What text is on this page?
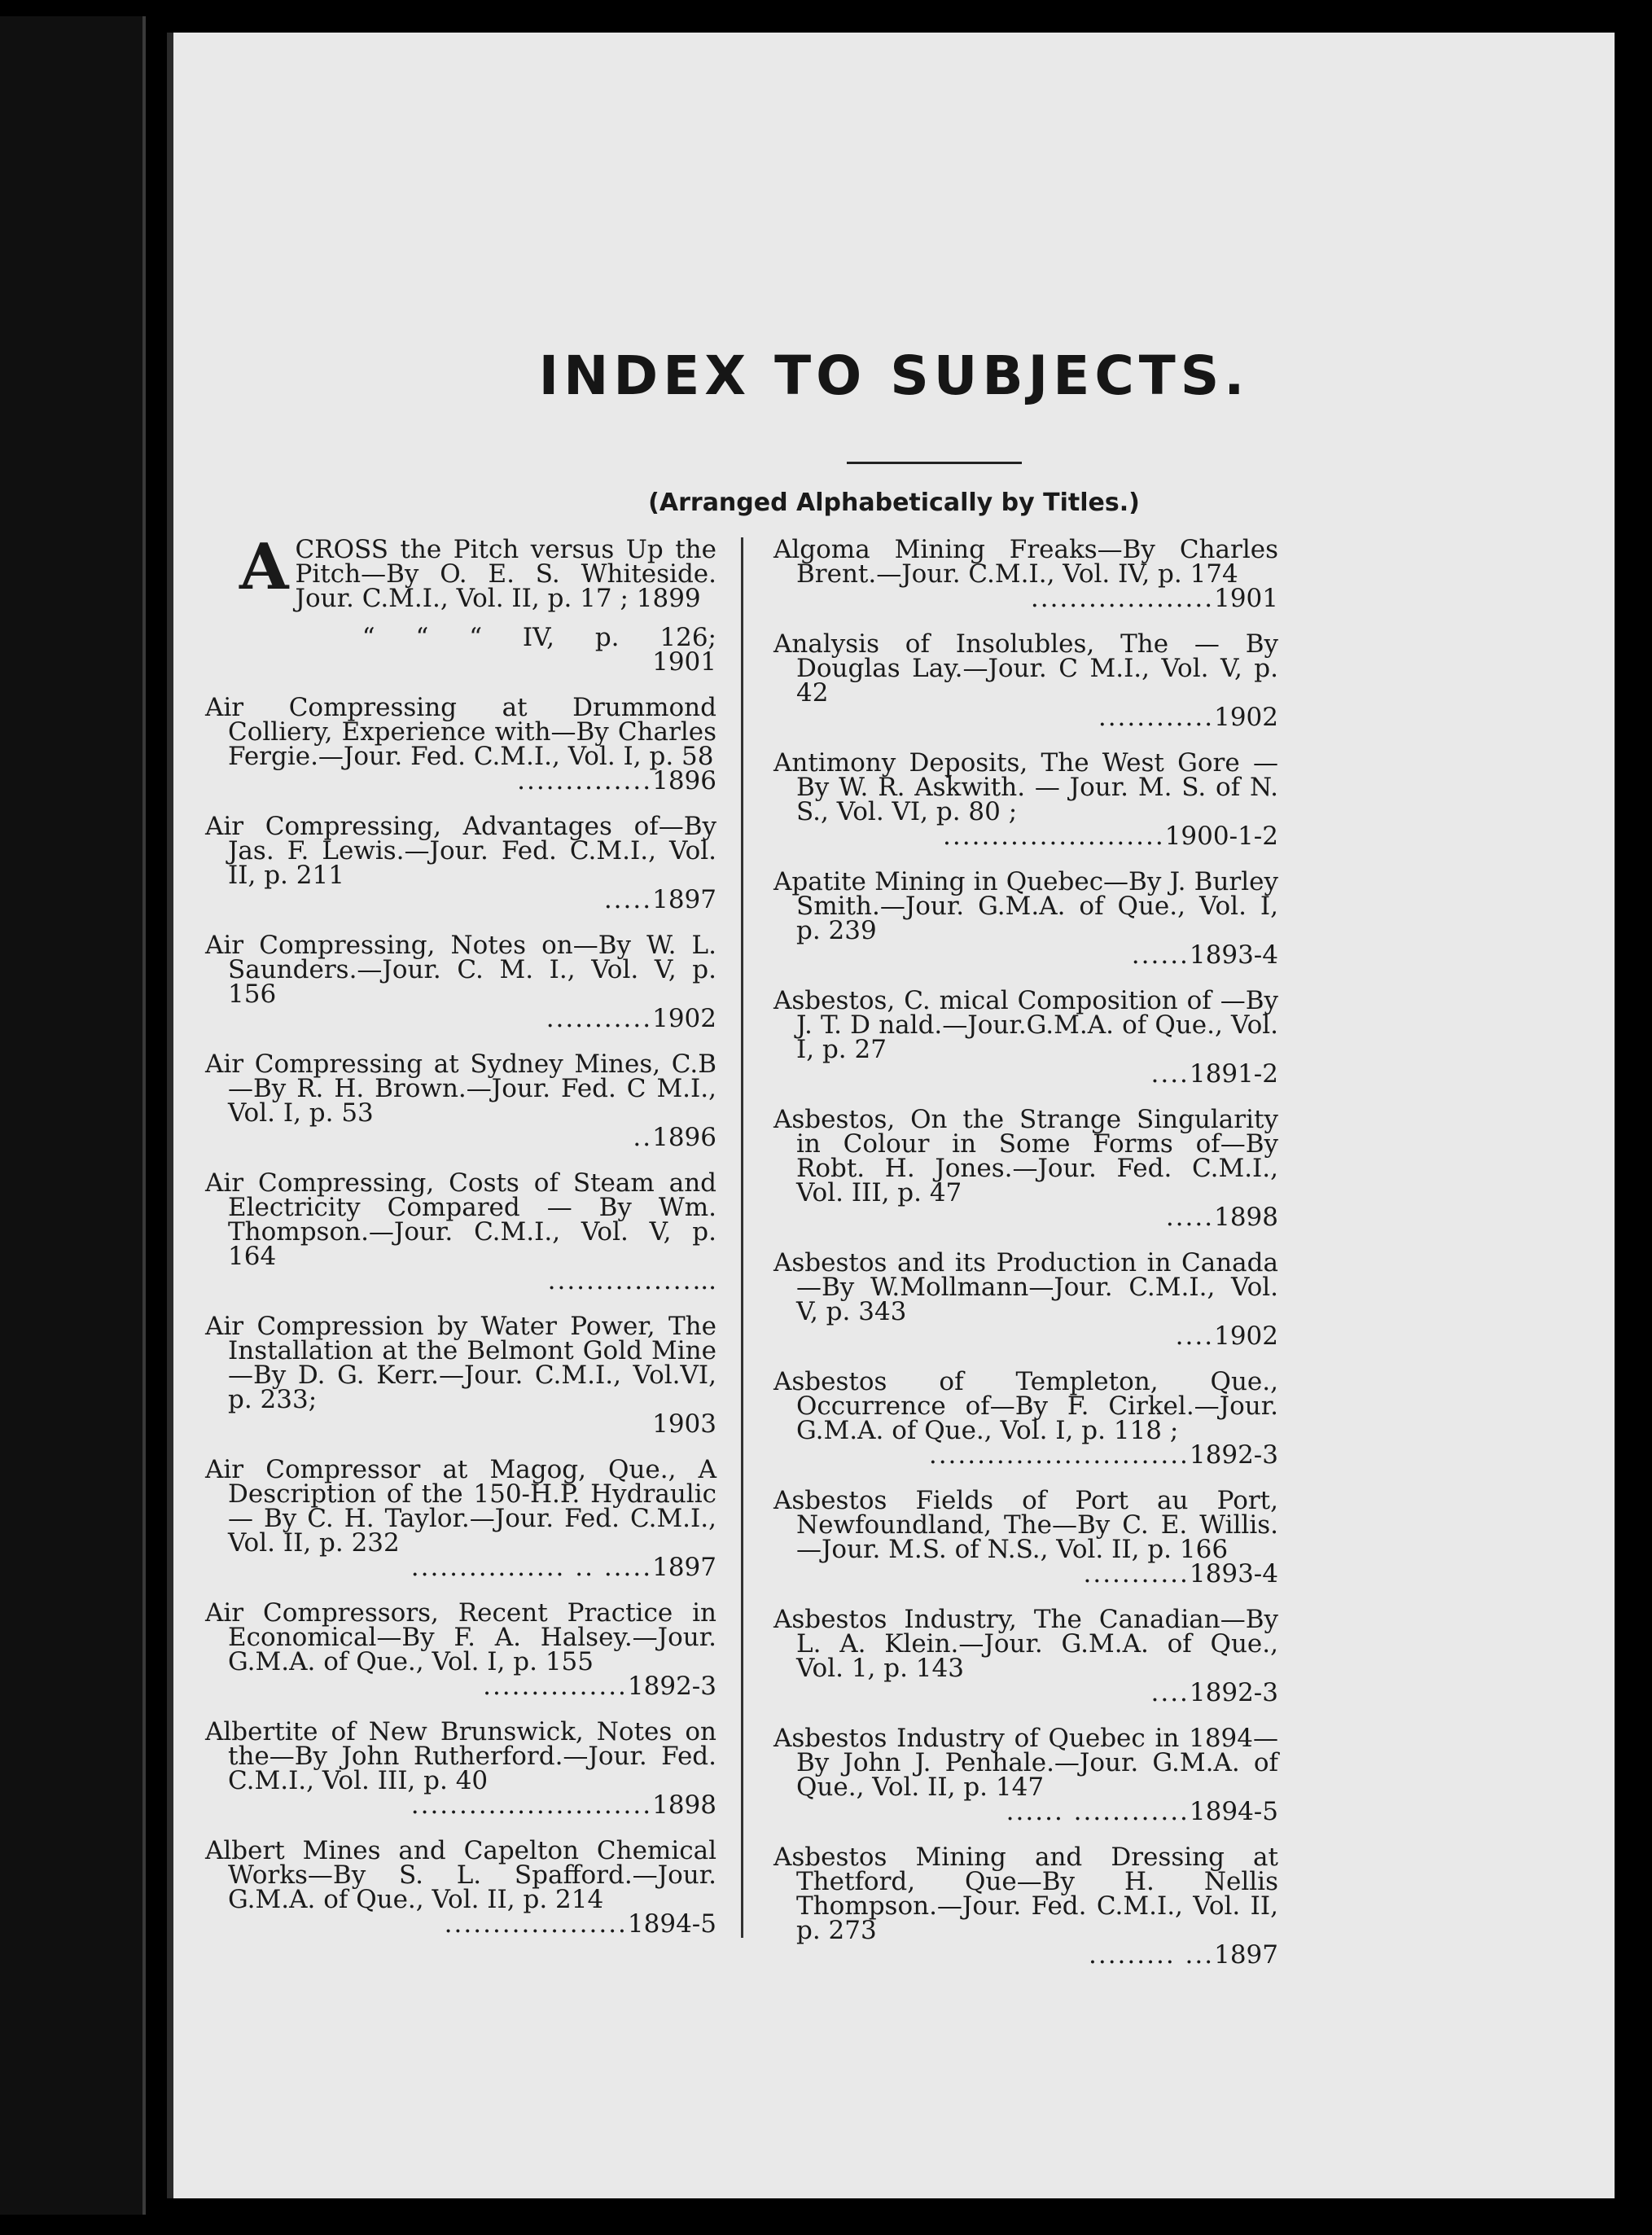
INDEX TO SUBJECTS.
(Arranged Alphabetically by Titles.)
A CROSS the Pitch versus Up the Pitch—By O. E. S. Whiteside. Jour. C.M.I., Vol. II, p. 17 ; 1899
“ “ “ IV, p. 126; 1901
Air Compressing at Drummond Colliery, Experience with—By Charles Fergie.—Jour. Fed. C.M.I., Vol. I, p. 58
..............1896
Air Compressing, Advantages of—By Jas. F. Lewis.—Jour. Fed. C.M.I., Vol. II, p. 211
.....1897
Air Compressing, Notes on—By W. L. Saunders.—Jour. C. M. I., Vol. V, p. 156
...........1902
Air Compressing at Sydney Mines, C.B—By R. H. Brown.—Jour. Fed. C M.I., Vol. I, p. 53
..1896
Air Compressing, Costs of Steam and Electricity Compared — By Wm. Thompson.—Jour. C.M.I., Vol. V, p. 164
..................
Air Compression by Water Power, The Installation at the Belmont Gold Mine—By D. G. Kerr.—Jour. C.M.I., Vol.VI, p. 233;
1903
Air Compressor at Magog, Que., A Description of the 150-H.P. Hydraulic — By C. H. Taylor.—Jour. Fed. C.M.I., Vol. II, p. 232
................ .. .....1897
Air Compressors, Recent Practice in Economical—By F. A. Halsey.—Jour. G.M.A. of Que., Vol. I, p. 155
...............1892-3
Albertite of New Brunswick, Notes on the—By John Rutherford.—Jour. Fed. C.M.I., Vol. III, p. 40
.........................1898
Albert Mines and Capelton Chemical Works—By S. L. Spafford.—Jour. G.M.A. of Que., Vol. II, p. 214
...................1894-5
Algoma Mining Freaks—By Charles Brent.—Jour. C.M.I., Vol. IV, p. 174
...................1901
Analysis of Insolubles, The — By Douglas Lay.—Jour. C M.I., Vol. V, p. 42
............1902
Antimony Deposits, The West Gore —By W. R. Askwith. — Jour. M. S. of N. S., Vol. VI, p. 80 ;
.......................1900-1-2
Apatite Mining in Quebec—By J. Burley Smith.—Jour. G.M.A. of Que., Vol. I, p. 239
......1893-4
Asbestos, C. mical Composition of —By J. T. D nald.—Jour.G.M.A. of Que., Vol. I, p. 27
....1891-2
Asbestos, On the Strange Singularity in Colour in Some Forms of—By Robt. H. Jones.—Jour. Fed. C.M.I., Vol. III, p. 47
.....1898
Asbestos and its Production in Canada—By W.Mollmann—Jour. C.M.I., Vol. V, p. 343
....1902
Asbestos of Templeton, Que., Occurrence of—By F. Cirkel.—Jour. G.M.A. of Que., Vol. I, p. 118 ;
...........................1892-3
Asbestos Fields of Port au Port, Newfoundland, The—By C. E. Willis.—Jour. M.S. of N.S., Vol. II, p. 166
...........1893-4
Asbestos Industry, The Canadian—By L. A. Klein.—Jour. G.M.A. of Que., Vol. 1, p. 143
....1892-3
Asbestos Industry of Quebec in 1894—By John J. Penhale.—Jour. G.M.A. of Que., Vol. II, p. 147
...... ............1894-5
Asbestos Mining and Dressing at Thetford, Que—By H. Nellis Thompson.—Jour. Fed. C.M.I., Vol. II, p. 273
......... ...1897
